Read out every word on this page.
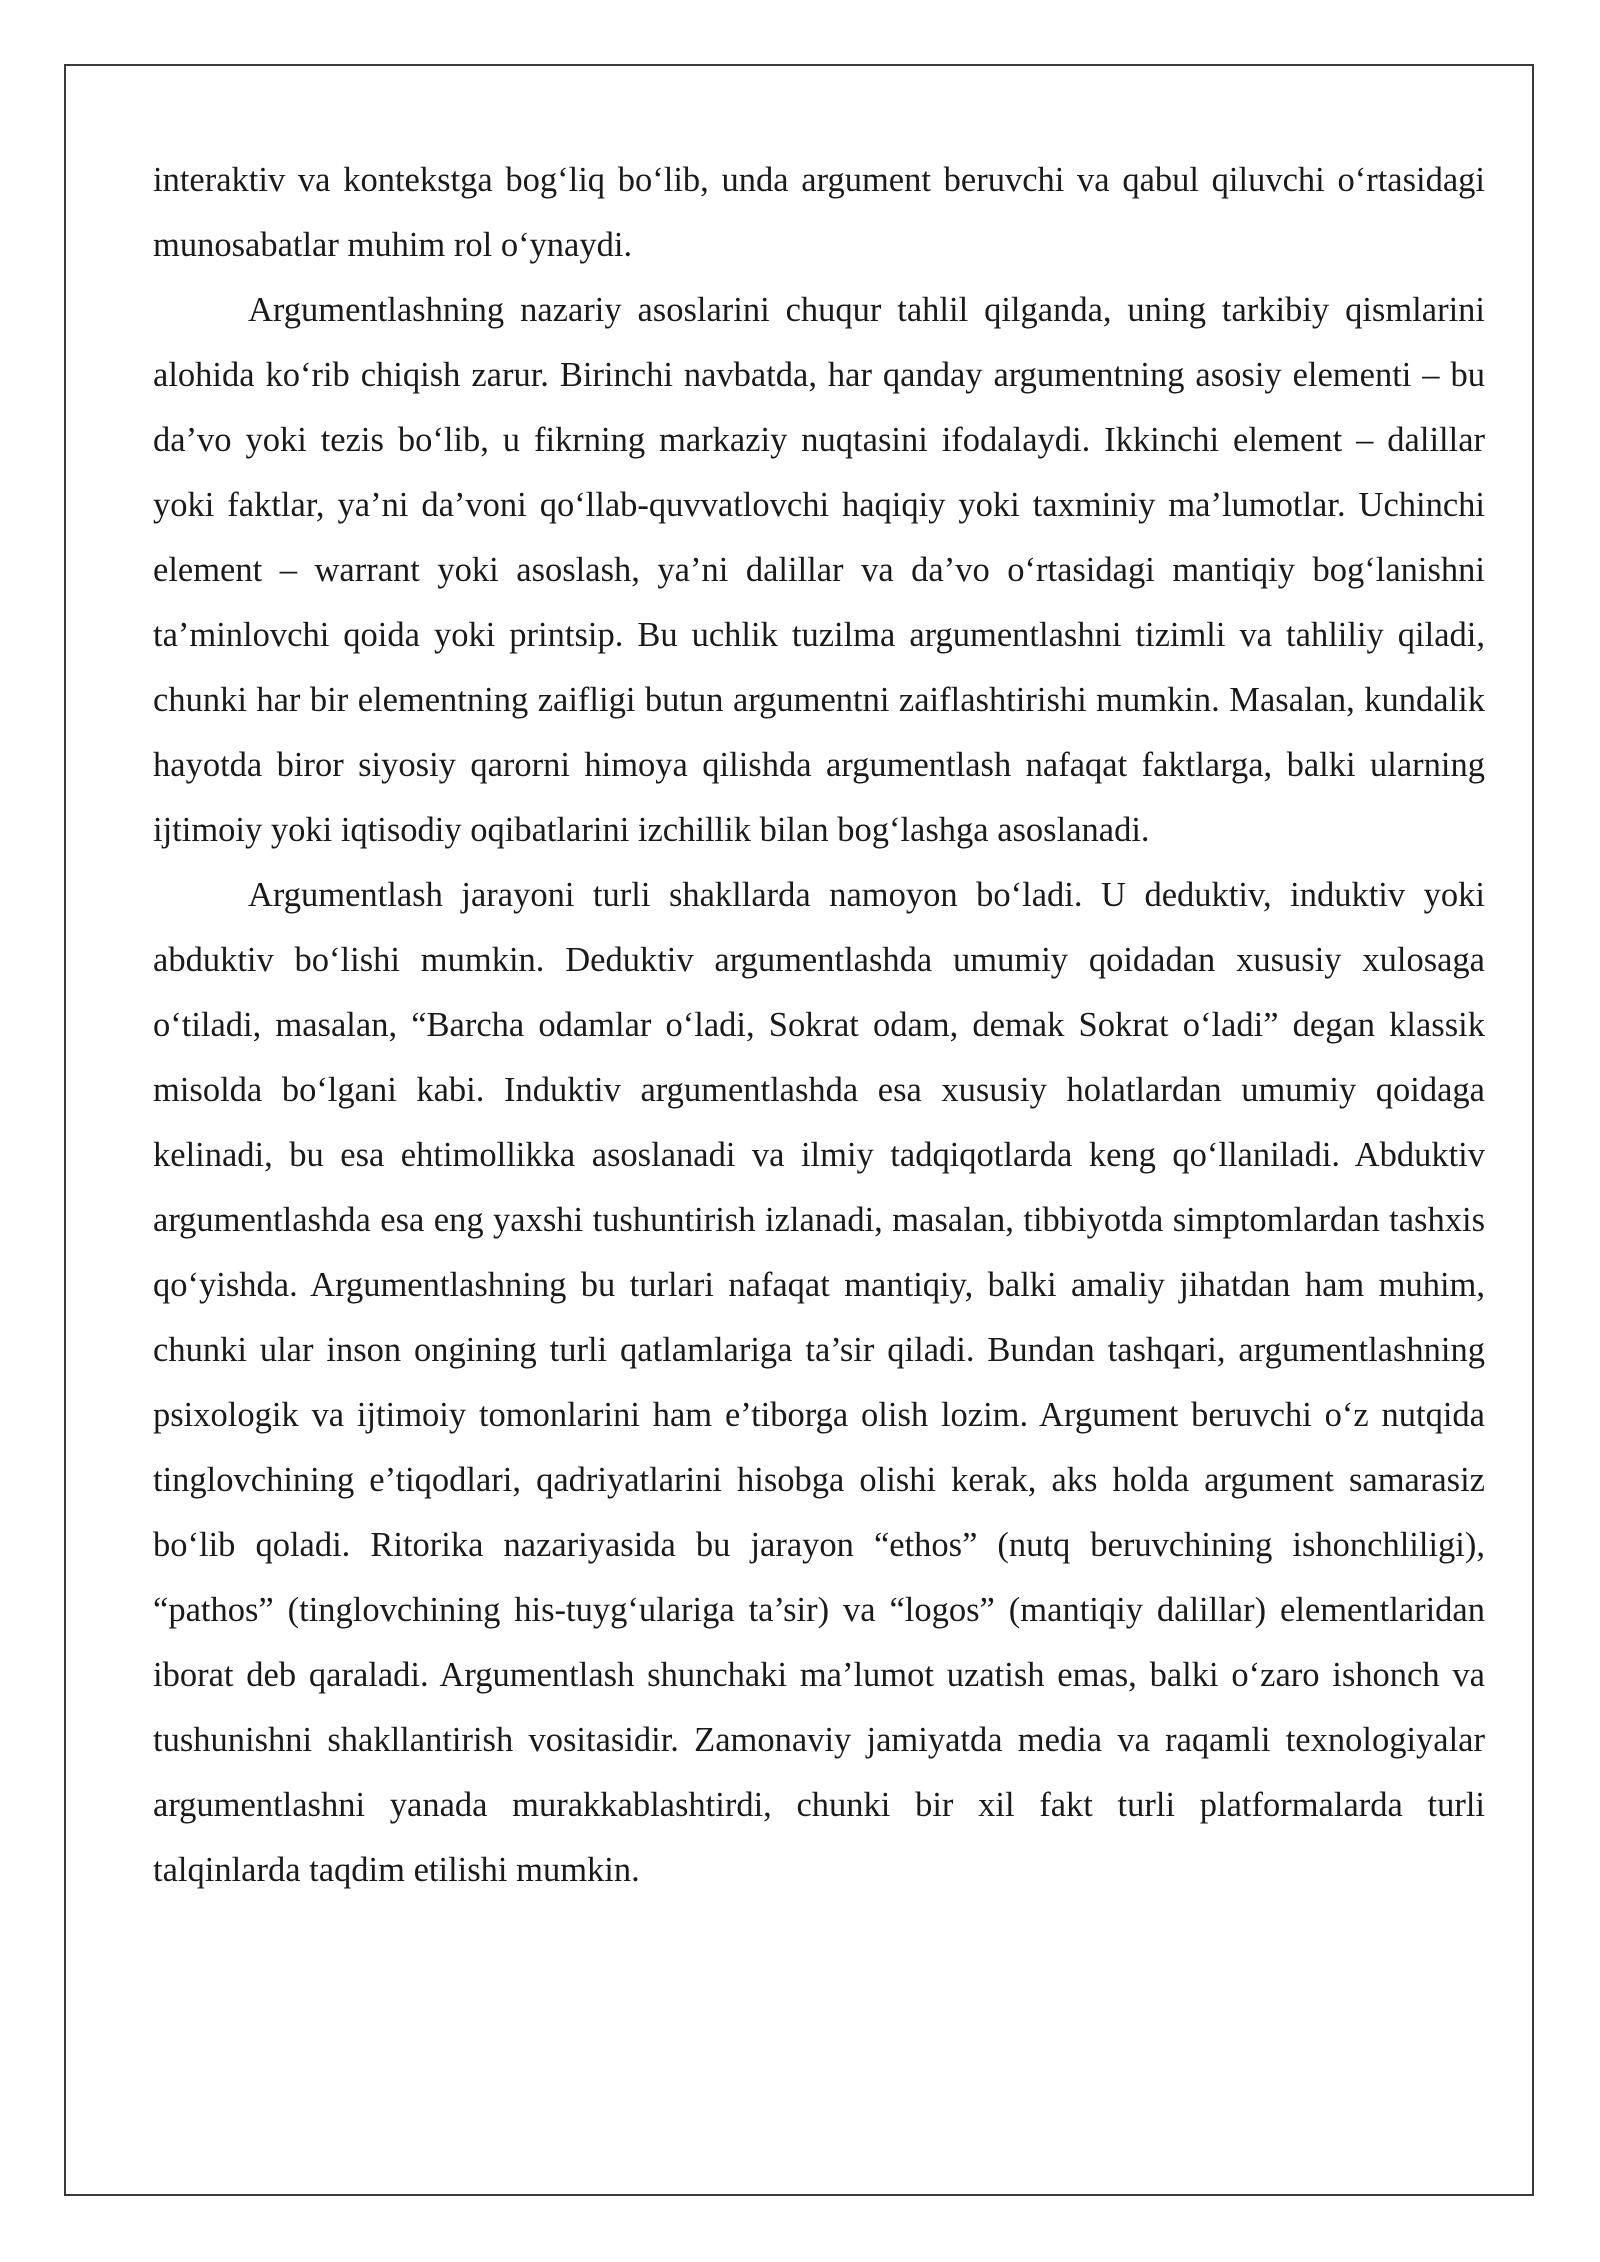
interaktiv va kontekstga bog‘liq bo‘lib, unda argument beruvchi va qabul qiluvchi o‘rtasidagi munosabatlar muhim rol o‘ynaydi.

Argumentlashning nazariy asoslarini chuqur tahlil qilganda, uning tarkibiy qismlarini alohida ko‘rib chiqish zarur. Birinchi navbatda, har qanday argumentning asosiy elementi – bu da’vo yoki tezis bo‘lib, u fikrning markaziy nuqtasini ifodalaydi. Ikkinchi element – dalillar yoki faktlar, ya’ni da’voni qo‘llab-quvvatlovchi haqiqiy yoki taxminiy ma’lumotlar. Uchinchi element – warrant yoki asoslash, ya’ni dalillar va da’vo o‘rtasidagi mantiqiy bog‘lanishni ta’minlovchi qoida yoki printsip. Bu uchlik tuzilma argumentlashni tizimli va tahliliy qiladi, chunki har bir elementning zaifligi butun argumentni zaiflashtirishi mumkin. Masalan, kundalik hayotda biror siyosiy qarorni himoya qilishda argumentlash nafaqat faktlarga, balki ularning ijtimoiy yoki iqtisodiy oqibatlarini izchillik bilan bog‘lashga asoslanadi.

Argumentlash jarayoni turli shakllarda namoyon bo‘ladi. U deduktiv, induktiv yoki abduktiv bo‘lishi mumkin. Deduktiv argumentlashda umumiy qoidadan xususiy xulosaga o‘tiladi, masalan, “Barcha odamlar o‘ladi, Sokrat odam, demak Sokrat o‘ladi” degan klassik misolda bo‘lgani kabi. Induktiv argumentlashda esa xususiy holatlardan umumiy qoidaga kelinadi, bu esa ehtimollikka asoslanadi va ilmiy tadqiqotlarda keng qo‘llaniladi. Abduktiv argumentlashda esa eng yaxshi tushuntirish izlanadi, masalan, tibbiyotda simptomlardan tashxis qo‘yishda. Argumentlashning bu turlari nafaqat mantiqiy, balki amaliy jihatdan ham muhim, chunki ular inson ongining turli qatlamlariga ta’sir qiladi. Bundan tashqari, argumentlashning psixologik va ijtimoiy tomonlarini ham e’tiborga olish lozim. Argument beruvchi o‘z nutqida tinglovchining e’tiqodlari, qadriyatlarini hisobga olishi kerak, aks holda argument samarasiz bo‘lib qoladi. Ritorika nazariyasida bu jarayon “ethos” (nutq beruvchining ishonchliligi), “pathos” (tinglovchining his-tuyg‘ulariga ta’sir) va “logos” (mantiqiy dalillar) elementlaridan iborat deb qaraladi. Argumentlash shunchaki ma’lumot uzatish emas, balki o‘zaro ishonch va tushunishni shakllantirish vositasidir. Zamonaviy jamiyatda media va raqamli texnologiyalar argumentlashni yanada murakkablashtirdi, chunki bir xil fakt turli platformalarda turli talqinlarda taqdim etilishi mumkin.
